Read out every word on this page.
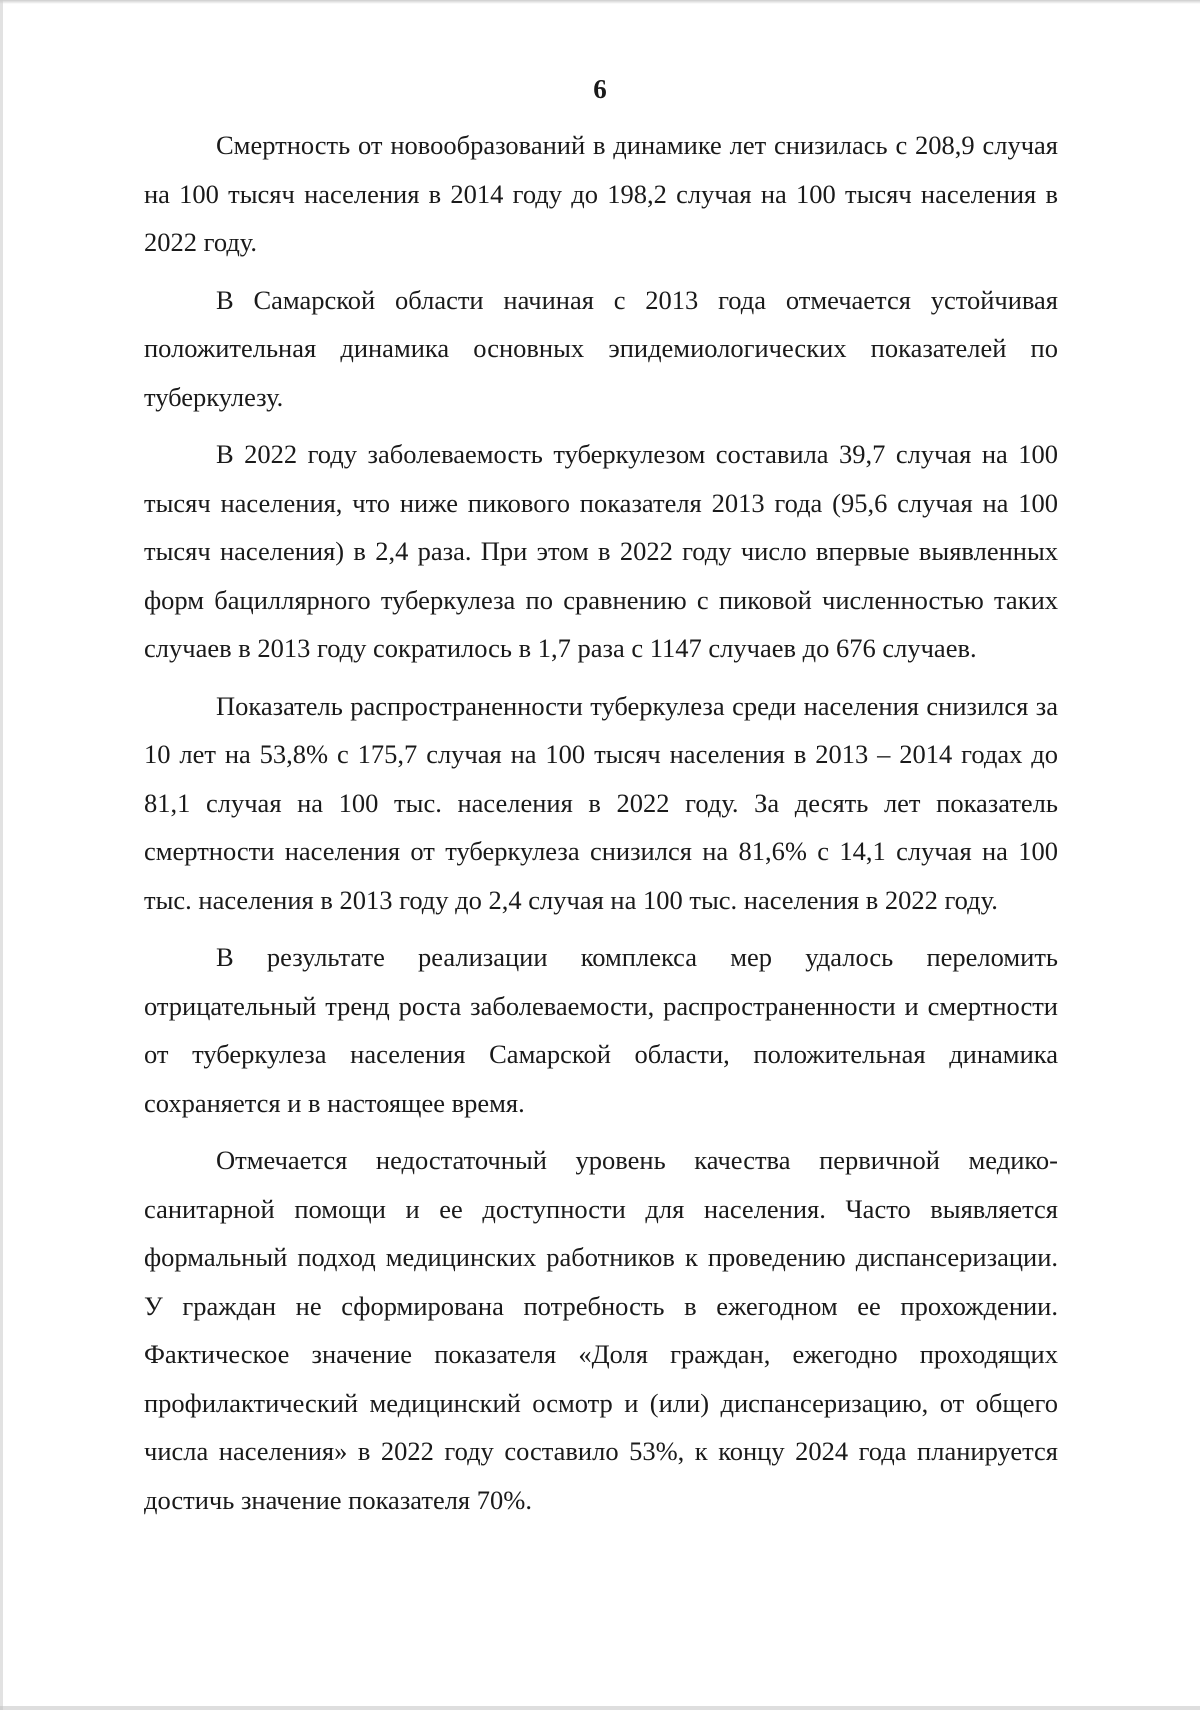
6

Смертность от новообразований в динамике лет снизилась с 208,9 случая на 100 тысяч населения в 2014 году до 198,2 случая на 100 тысяч населения в 2022 году.

В Самарской области начиная с 2013 года отмечается устойчивая положительная динамика основных эпидемиологических показателей по туберкулезу.

В 2022 году заболеваемость туберкулезом составила 39,7 случая на 100 тысяч населения, что ниже пикового показателя 2013 года (95,6 случая на 100 тысяч населения) в 2,4 раза. При этом в 2022 году число впервые выявленных форм бациллярного туберкулеза по сравнению с пиковой численностью таких случаев в 2013 году сократилось в 1,7 раза с 1147 случаев до 676 случаев.

Показатель распространенности туберкулеза среди населения снизился за 10 лет на 53,8% с 175,7 случая на 100 тысяч населения в 2013 – 2014 годах до 81,1 случая на 100 тыс. населения в 2022 году. За десять лет показатель смертности населения от туберкулеза снизился на 81,6% с 14,1 случая на 100 тыс. населения в 2013 году до 2,4 случая на 100 тыс. населения в 2022 году.

В результате реализации комплекса мер удалось переломить отрицательный тренд роста заболеваемости, распространенности и смертности от туберкулеза населения Самарской области, положительная динамика сохраняется и в настоящее время.

Отмечается недостаточный уровень качества первичной медико-санитарной помощи и ее доступности для населения. Часто выявляется формальный подход медицинских работников к проведению диспансеризации. У граждан не сформирована потребность в ежегодном ее прохождении. Фактическое значение показателя «Доля граждан, ежегодно проходящих профилактический медицинский осмотр и (или) диспансеризацию, от общего числа населения» в 2022 году составило 53%, к концу 2024 года планируется достичь значение показателя 70%.
